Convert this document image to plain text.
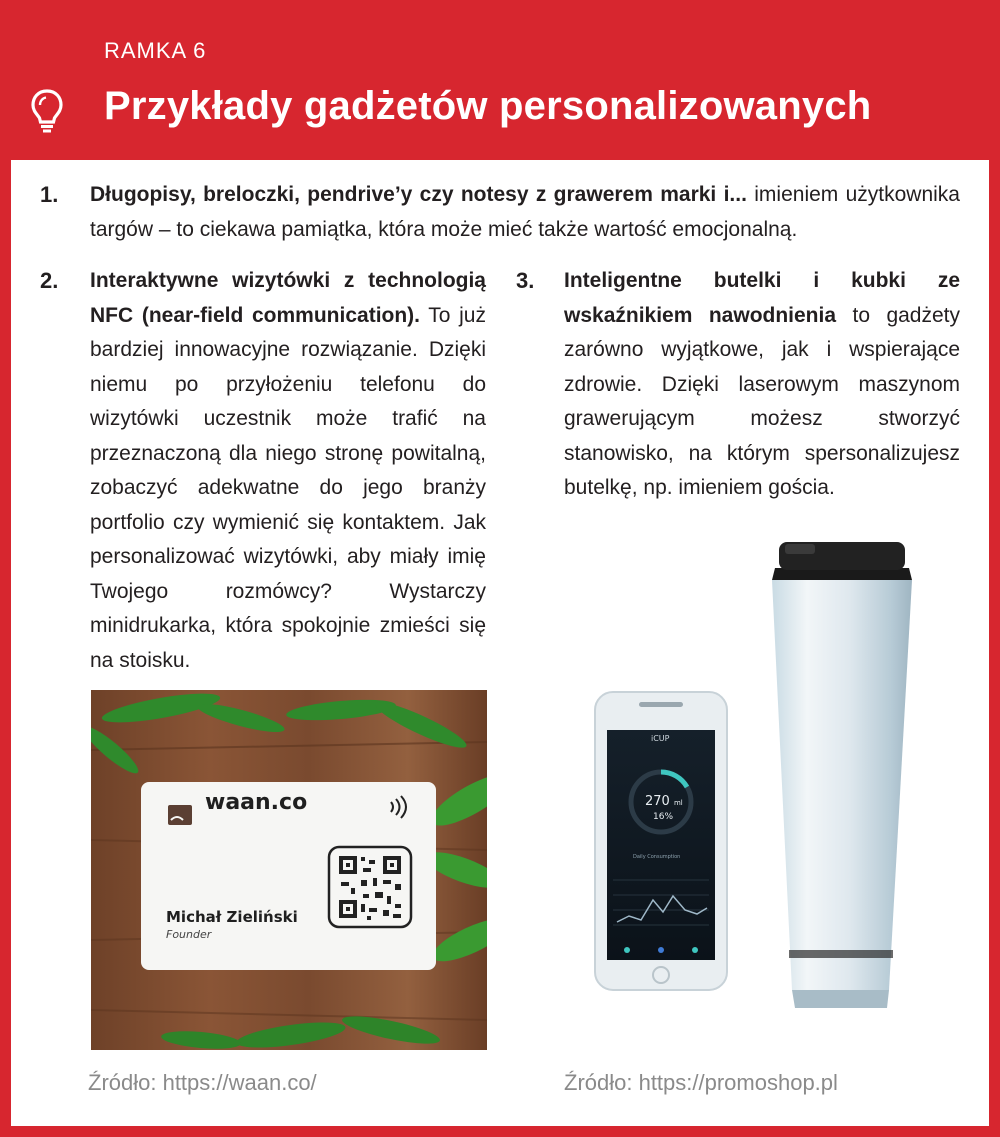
RAMKA 6
Przykłady gadżetów personalizowanych
1. Długopisy, breloczki, pendrive’y czy notesy z grawerem marki i... imieniem użytkownika targów – to ciekawa pamiątka, która może mieć także wartość emocjonalną.
2. Interaktywne wizytówki z technologią NFC (near-field communication). To już bardziej innowacyjne rozwiązanie. Dzięki niemu po przyłożeniu telefonu do wizytówki uczestnik może trafić na przeznaczoną dla niego stronę powitalną, zobaczyć adekwatne do jego branży portfolio czy wymienić się kontaktem. Jak personalizować wizytówki, aby miały imię Twojego rozmówcy? Wystarczy minidrukarka, która spokojnie zmieści się na stoisku.
3. Inteligentne butelki i kubki ze wskaźnikiem nawodnienia to gadżety zarówno wyjątkowe, jak i wspierające zdrowie. Dzięki laserowym maszynom grawerującym możesz stworzyć stanowisko, na którym spersonalizujesz butelkę, np. imieniem gościa.
waan.co
Michał Zieliński
Founder
iCUP
270 ml
16%
Daily Consumption
Źródło: https://waan.co/	Źródło: https://promoshop.pl
